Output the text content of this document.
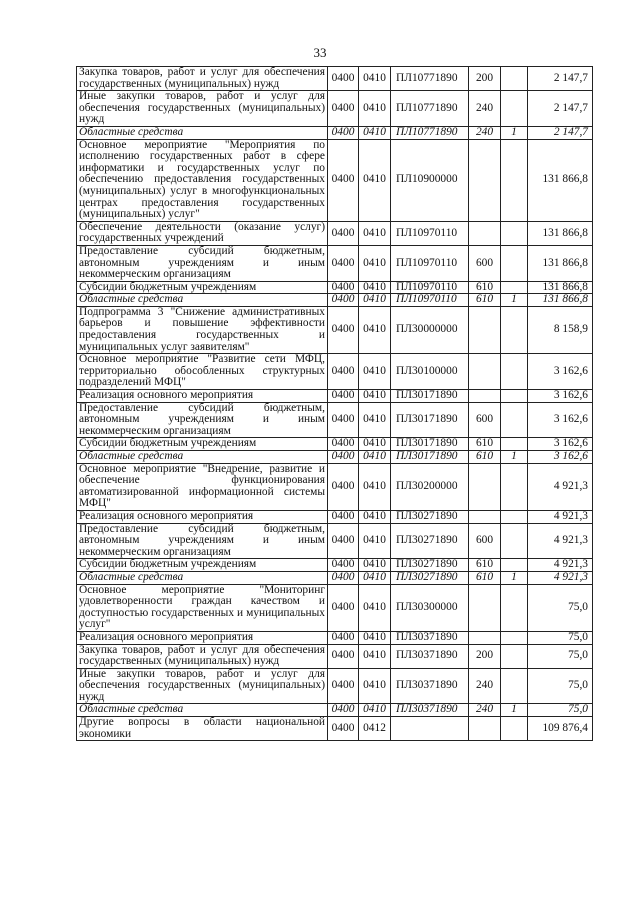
33
Закупка товаров, работ и услуг для обеспечения государственных (муниципальных) нужд	0400	0410	ПЛ10771890	200		2 147,7
Иные закупки товаров, работ и услуг для обеспечения государственных (муниципальных) нужд	0400	0410	ПЛ10771890	240		2 147,7
Областные средства	0400	0410	ПЛ10771890	240	1	2 147,7
Основное мероприятие "Мероприятия по исполнению государственных работ в сфере информатики и государственных услуг по обеспечению предоставления государственных (муниципальных) услуг в многофункциональных центрах предоставления государственных (муниципальных) услуг"	0400	0410	ПЛ10900000			131 866,8
Обеспечение деятельности (оказание услуг) государственных учреждений	0400	0410	ПЛ10970110			131 866,8
Предоставление субсидий бюджетным, автономным учреждениям и иным некоммерческим организациям	0400	0410	ПЛ10970110	600		131 866,8
Субсидии бюджетным учреждениям	0400	0410	ПЛ10970110	610		131 866,8
Областные средства	0400	0410	ПЛ10970110	610	1	131 866,8
Подпрограмма 3 "Снижение административных барьеров и повышение эффективности предоставления государственных и муниципальных услуг заявителям"	0400	0410	ПЛ30000000			8 158,9
Основное мероприятие "Развитие сети МФЦ, территориально обособленных структурных подразделений МФЦ"	0400	0410	ПЛ30100000			3 162,6
Реализация основного мероприятия	0400	0410	ПЛ30171890			3 162,6
Предоставление субсидий бюджетным, автономным учреждениям и иным некоммерческим организациям	0400	0410	ПЛ30171890	600		3 162,6
Субсидии бюджетным учреждениям	0400	0410	ПЛ30171890	610		3 162,6
Областные средства	0400	0410	ПЛ30171890	610	1	3 162,6
Основное мероприятие "Внедрение, развитие и обеспечение функционирования автоматизированной информационной системы МФЦ"	0400	0410	ПЛ30200000			4 921,3
Реализация основного мероприятия	0400	0410	ПЛ30271890			4 921,3
Предоставление субсидий бюджетным, автономным учреждениям и иным некоммерческим организациям	0400	0410	ПЛ30271890	600		4 921,3
Субсидии бюджетным учреждениям	0400	0410	ПЛ30271890	610		4 921,3
Областные средства	0400	0410	ПЛ30271890	610	1	4 921,3
Основное мероприятие "Мониторинг удовлетворенности граждан качеством и доступностью государственных и муниципальных услуг"	0400	0410	ПЛ30300000			75,0
Реализация основного мероприятия	0400	0410	ПЛ30371890			75,0
Закупка товаров, работ и услуг для обеспечения государственных (муниципальных) нужд	0400	0410	ПЛ30371890	200		75,0
Иные закупки товаров, работ и услуг для обеспечения государственных (муниципальных) нужд	0400	0410	ПЛ30371890	240		75,0
Областные средства	0400	0410	ПЛ30371890	240	1	75,0
Другие вопросы в области национальной экономики	0400	0412				109 876,4
